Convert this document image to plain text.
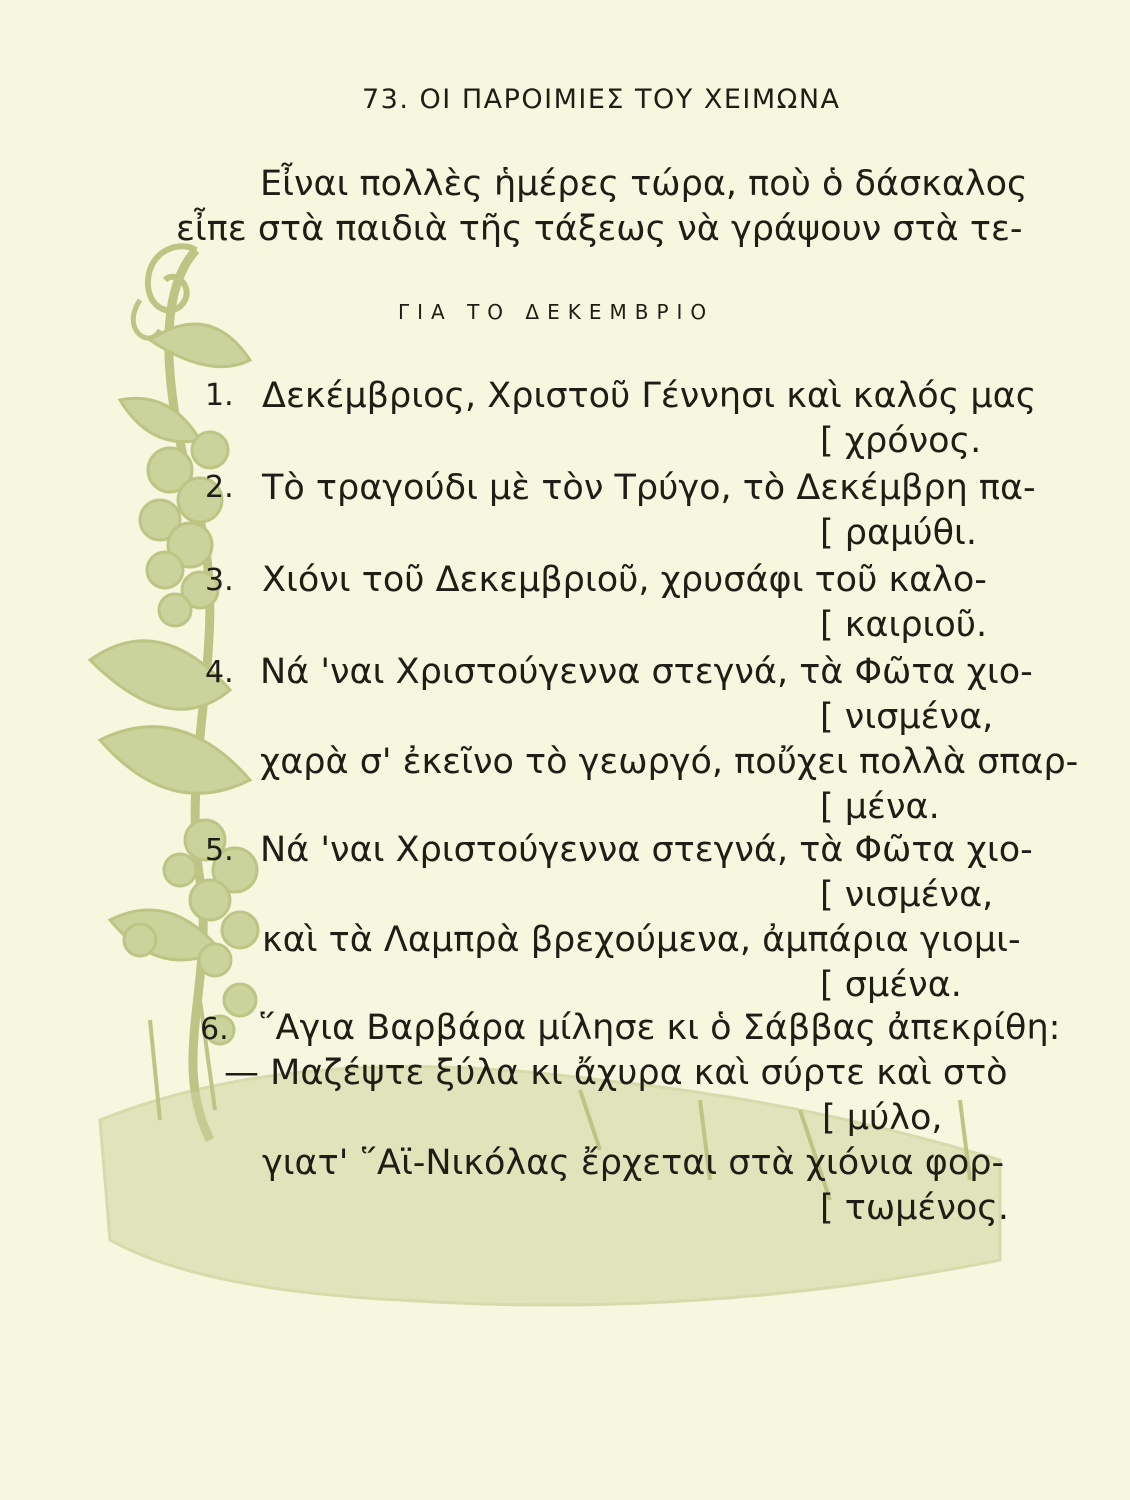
73. ΟΙ ΠΑΡΟΙΜΙΕΣ ΤΟΥ ΧΕΙΜΩΝΑ
Εἶναι πολλὲς ἡμέρες τώρα, ποὺ ὁ δάσκαλος
εἶπε στὰ παιδιὰ τῆς τάξεως νὰ γράψουν στὰ τε-
ΓΙΑ ΤΟ ΔΕΚΕΜΒΡΙΟ
1. Δεκέμβριος, Χριστοῦ Γέννησι καὶ καλός μας
[ χρόνος.
2. Τὸ τραγούδι μὲ τὸν Τρύγο, τὸ Δεκέμβρη πα-
[ ραμύθι.
3. Χιόνι τοῦ Δεκεμβριοῦ, χρυσάφι τοῦ καλο-
[ καιριοῦ.
4. Νά 'ναι Χριστούγεννα στεγνά, τὰ Φῶτα χιο-
[ νισμένα,
χαρὰ σ' ἐκεῖνο τὸ γεωργό, ποὔχει πολλὰ σπαρ-
[ μένα.
5. Νά 'ναι Χριστούγεννα στεγνά, τὰ Φῶτα χιο-
[ νισμένα,
καὶ τὰ Λαμπρὰ βρεχούμενα, ἀμπάρια γιομι-
[ σμένα.
6. ῞Αγια Βαρβάρα μίλησε κι ὁ Σάββας ἀπεκρίθη:
— Μαζέψτε ξύλα κι ἄχυρα καὶ σύρτε καὶ στὸ
[ μύλο,
γιατ' ῞Αϊ-Νικόλας ἔρχεται στὰ χιόνια φορ-
[ τωμένος.
